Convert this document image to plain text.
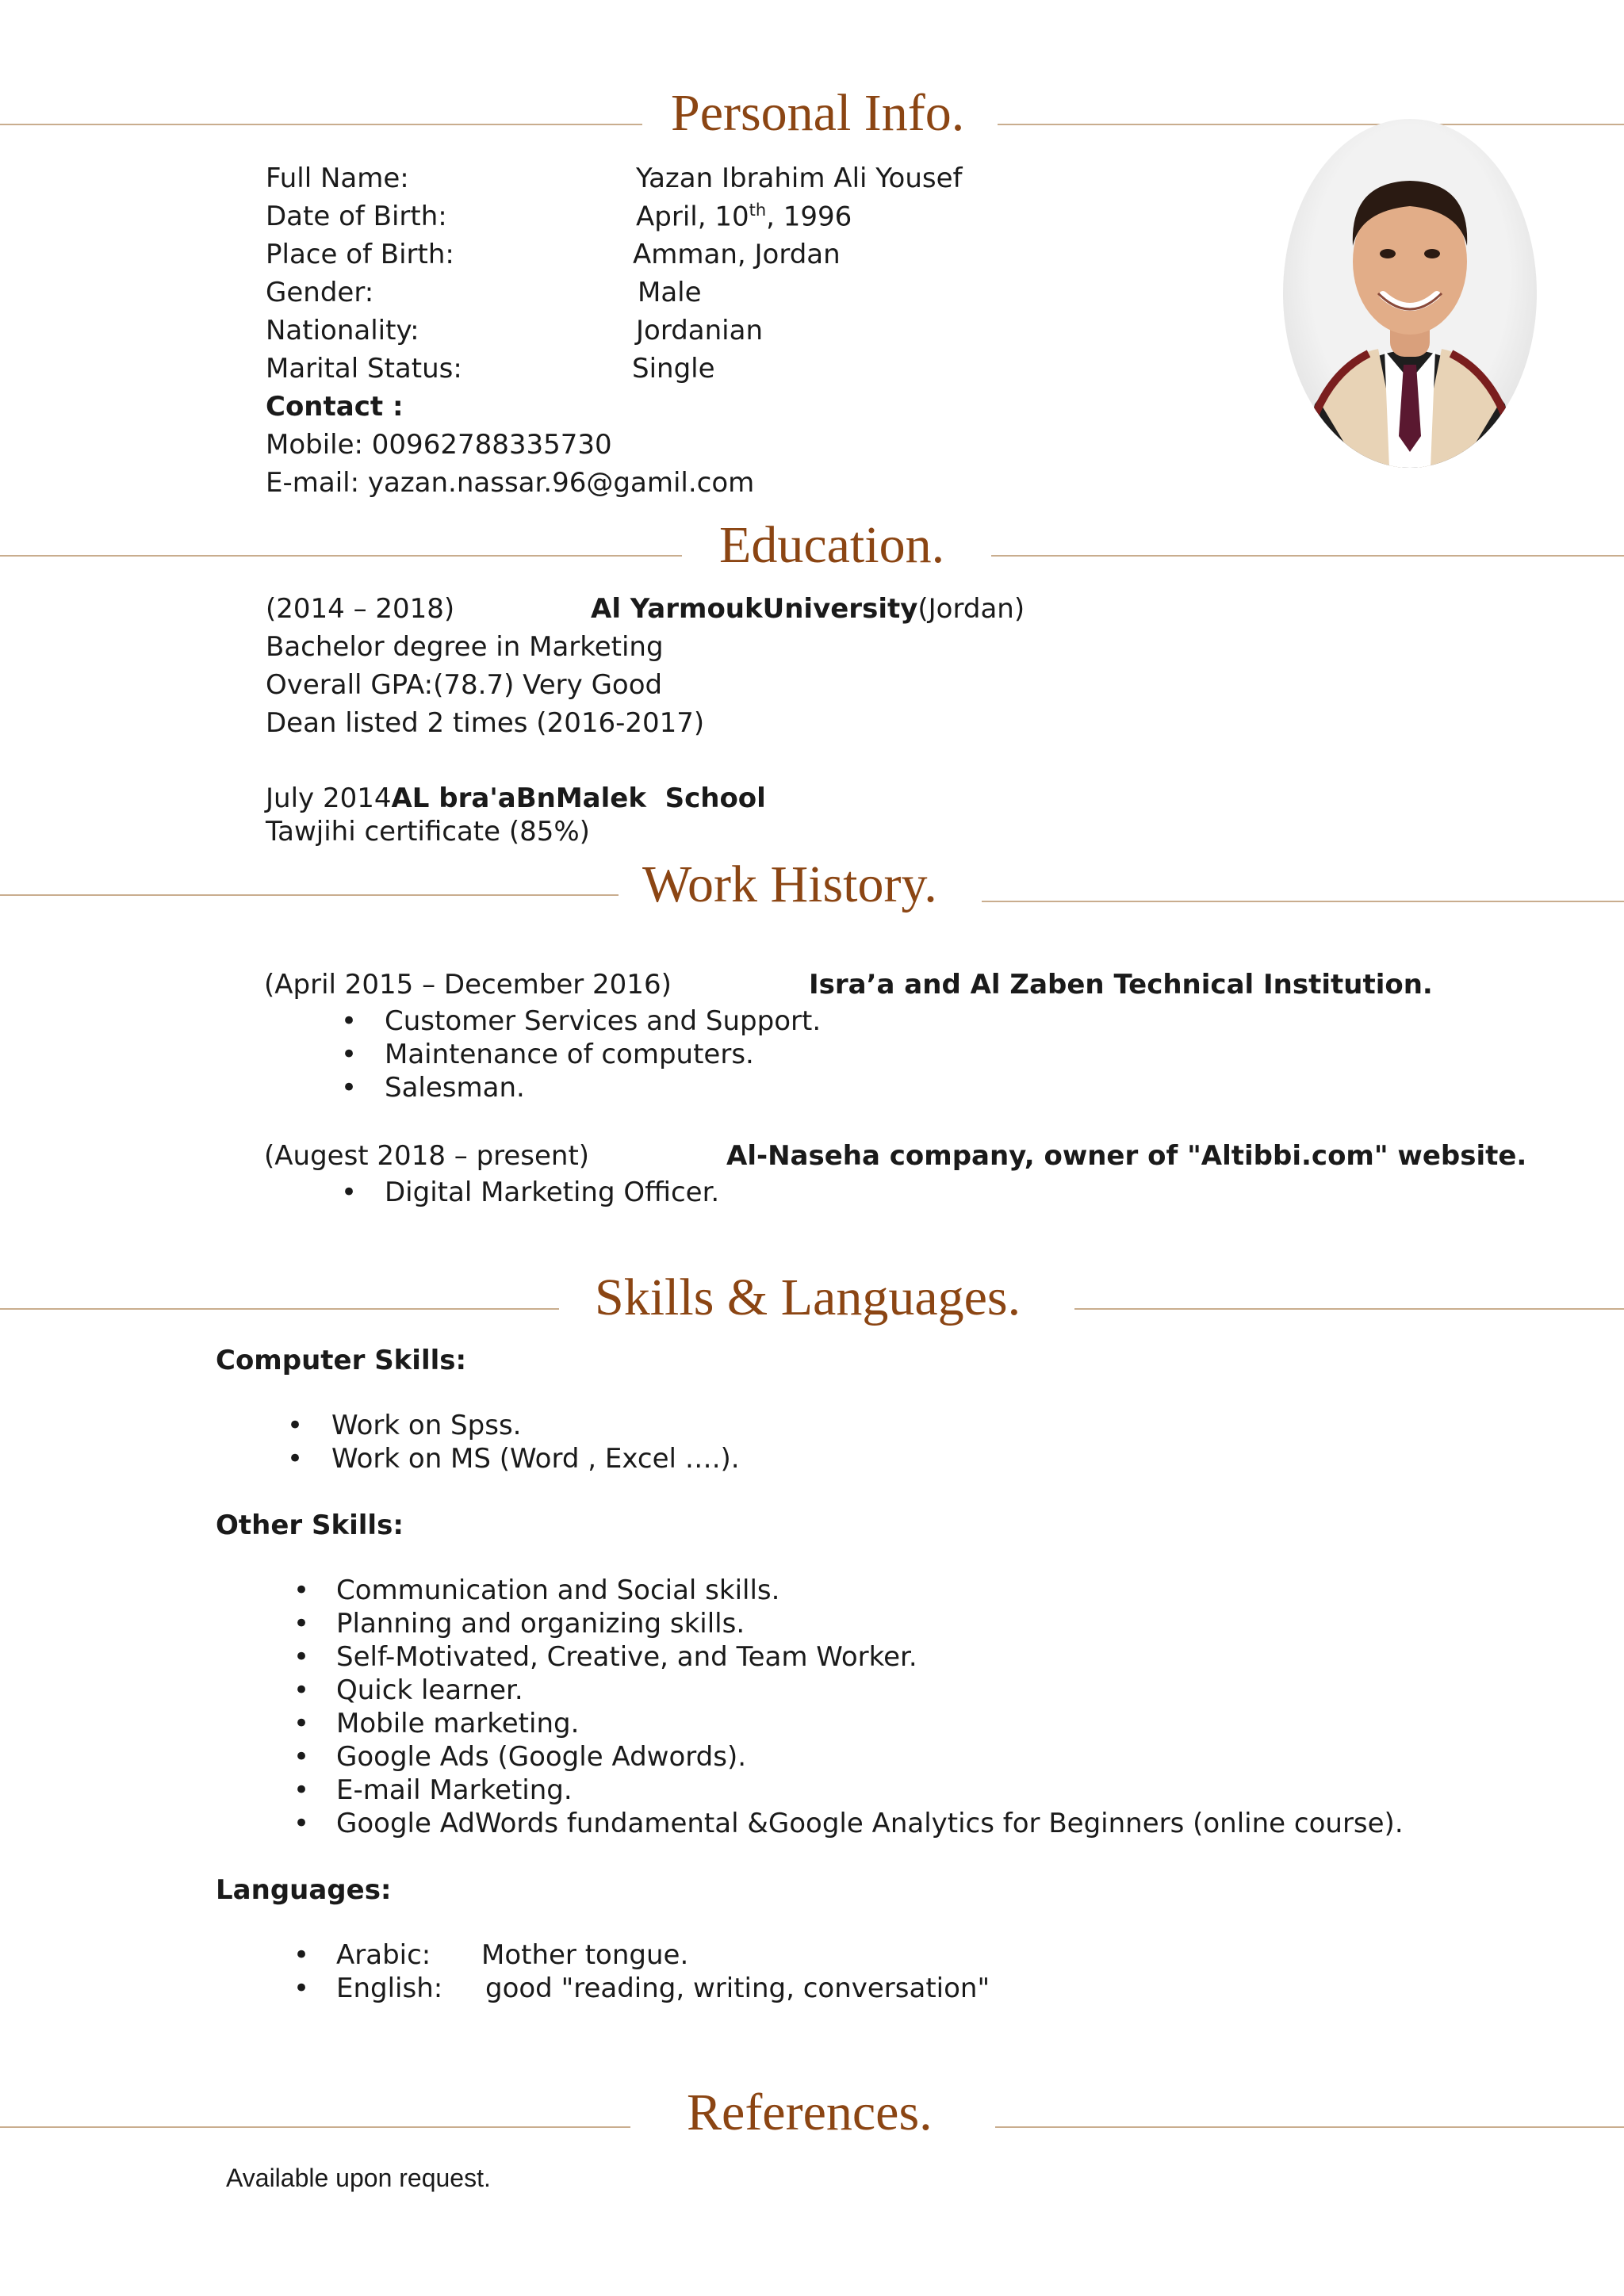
Personal Info.
Full Name:	Yazan Ibrahim Ali Yousef
Date of Birth:	April, 10th, 1996
Place of Birth:	Amman, Jordan
Gender:	Male
Nationality:	Jordanian
Marital Status:	Single
Contact :
Mobile: 00962788335730
E-mail: yazan.nassar.96@gamil.com
Education.
(2014 – 2018)	Al YarmoukUniversity(Jordan)
Bachelor degree in Marketing
Overall GPA:(78.7) Very Good
Dean listed 2 times (2016-2017)
July 2014AL bra'aBnMalek  School
Tawjihi certificate (85%)
Work History.
(April 2015 – December 2016)	Isra’a and Al Zaben Technical Institution.
• Customer Services and Support.
• Maintenance of computers.
• Salesman.
(Augest 2018 – present)	Al-Naseha company, owner of "Altibbi.com" website.
• Digital Marketing Officer.
Skills & Languages.
Computer Skills:
• Work on Spss.
• Work on MS (Word , Excel ….).
Other Skills:
• Communication and Social skills.
• Planning and organizing skills.
• Self-Motivated, Creative, and Team Worker.
• Quick learner.
• Mobile marketing.
• Google Ads (Google Adwords).
• E-mail Marketing.
• Google AdWords fundamental &Google Analytics for Beginners (online course).
Languages:
• Arabic: Mother tongue.
• English: good "reading, writing, conversation"
References.
Available upon request.
